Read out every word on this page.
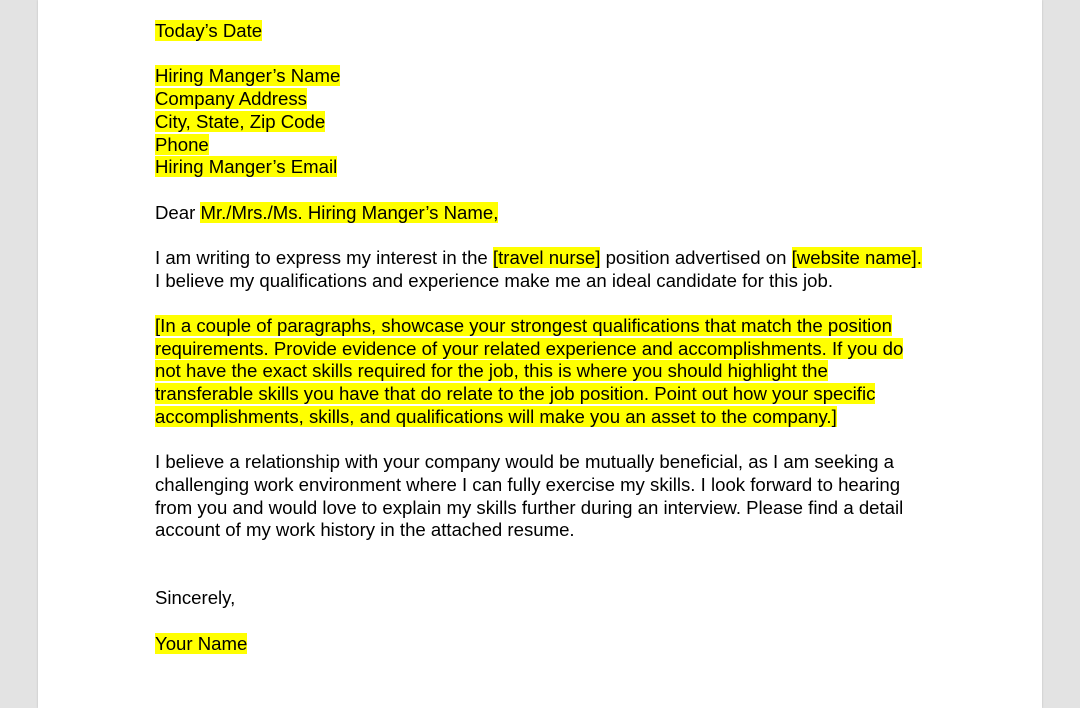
Today’s Date

Hiring Manger’s Name

Company Address

City, State, Zip Code

Phone

Hiring Manger’s Email

Dear Mr./Mrs./Ms. Hiring Manger’s Name,

I am writing to express my interest in the [travel nurse] position advertised on [website name]. I believe my qualifications and experience make me an ideal candidate for this job.

[In a couple of paragraphs, showcase your strongest qualifications that match the position requirements. Provide evidence of your related experience and accomplishments. If you do not have the exact skills required for the job, this is where you should highlight the transferable skills you have that do relate to the job position. Point out how your specific accomplishments, skills, and qualifications will make you an asset to the company.]

I believe a relationship with your company would be mutually beneficial, as I am seeking a challenging work environment where I can fully exercise my skills. I look forward to hearing from you and would love to explain my skills further during an interview. Please find a detail account of my work history in the attached resume.

Sincerely,

Your Name
